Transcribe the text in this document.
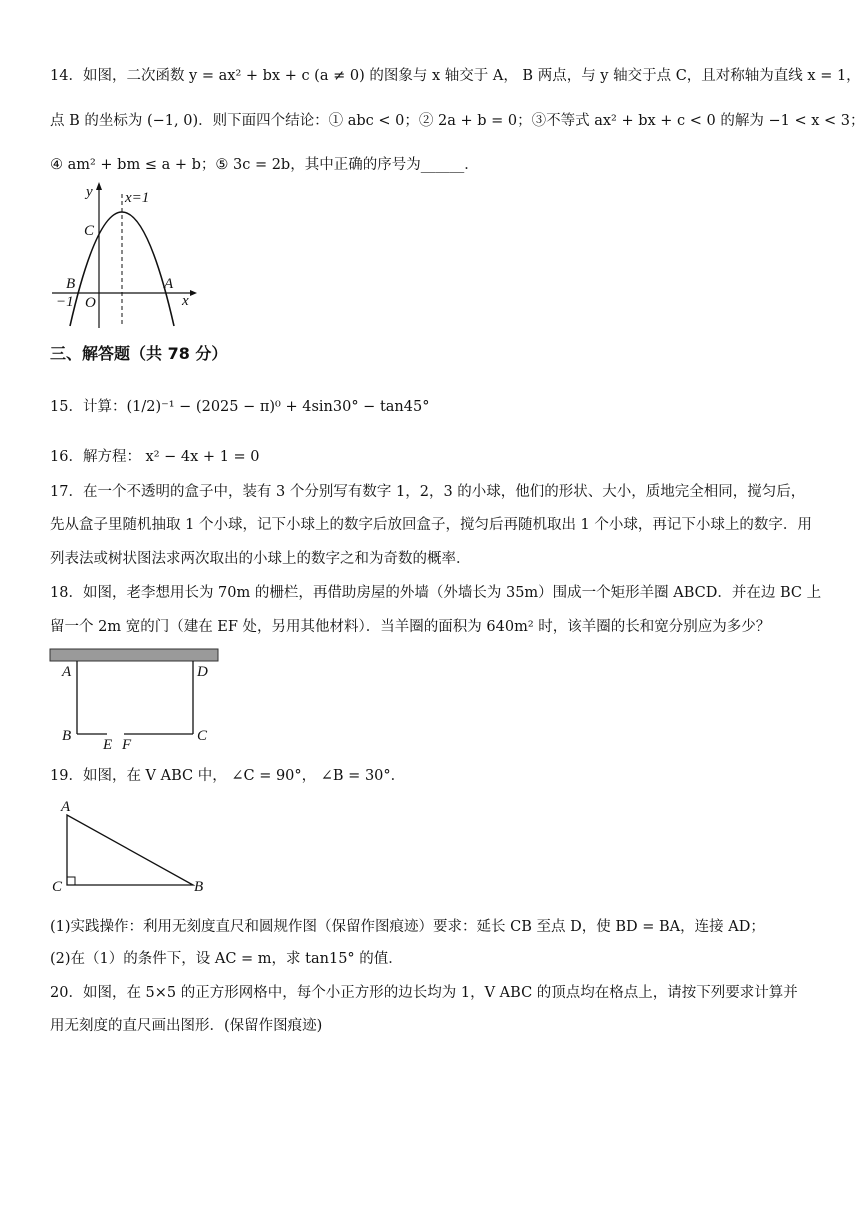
14．如图，二次函数 y = ax² + bx + c (a ≠ 0) 的图象与 x 轴交于 A， B 两点，与 y 轴交于点 C，且对称轴为直线 x = 1，
点 B 的坐标为 (−1, 0)．则下面四个结论：① abc < 0；② 2a + b = 0；③不等式 ax² + bx + c < 0 的解为 −1 < x < 3；
④ am² + bm ≤ a + b；⑤ 3c = 2b，其中正确的序号为______．
y x=1
C
B	A
−1 O	x
三、解答题（共 78 分）
15．计算：(1/2)⁻¹ − (2025 − π)⁰ + 4sin30° − tan45°
16．解方程： x² − 4x + 1 = 0
17．在一个不透明的盒子中，装有 3 个分别写有数字 1，2，3 的小球，他们的形状、大小，质地完全相同，搅匀后，
先从盒子里随机抽取 1 个小球，记下小球上的数字后放回盒子，搅匀后再随机取出 1 个小球，再记下小球上的数字．用
列表法或树状图法求两次取出的小球上的数字之和为奇数的概率．
18．如图，老李想用长为 70m 的栅栏，再借助房屋的外墙（外墙长为 35m）围成一个矩形羊圈 ABCD．并在边 BC 上
留一个 2m 宽的门（建在 EF 处，另用其他材料）．当羊圈的面积为 640m² 时，该羊圈的长和宽分别应为多少？
A	D
B	C
E F
19．如图，在 V ABC 中， ∠C = 90°， ∠B = 30°．
A
C	B
(1)实践操作：利用无刻度直尺和圆规作图（保留作图痕迹）要求：延长 CB 至点 D，使 BD = BA，连接 AD；
(2)在（1）的条件下，设 AC = m，求 tan15° 的值．
20．如图，在 5×5 的正方形网格中，每个小正方形的边长均为 1，V ABC 的顶点均在格点上，请按下列要求计算并
用无刻度的直尺画出图形．(保留作图痕迹)
